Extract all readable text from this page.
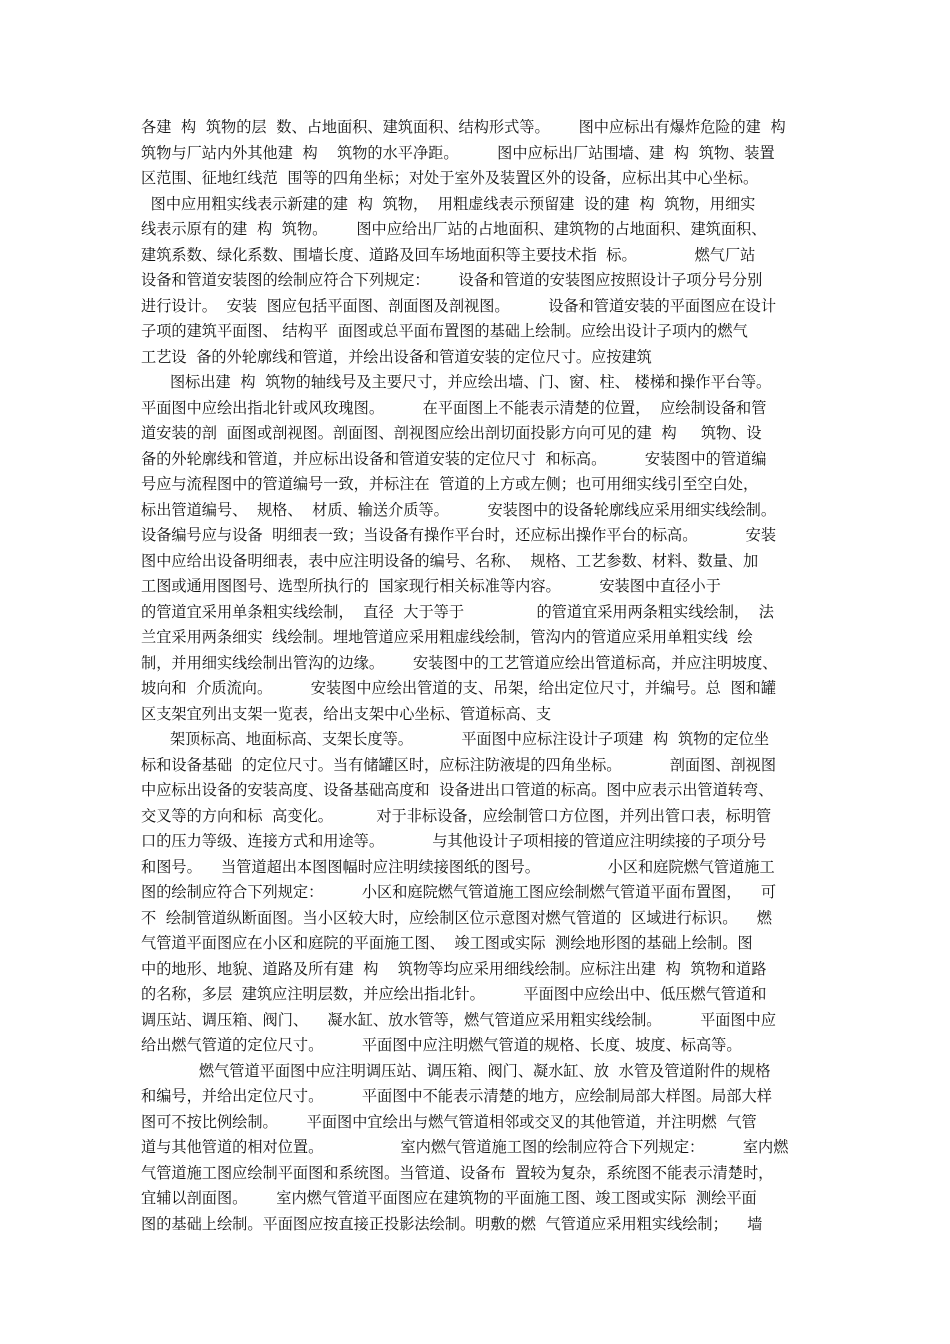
各建  构  筑物的层  数、占地面积、建筑面积、结构形式等。      图中应标出有爆炸危险的建  构
筑物与厂站内外其他建  构    筑物的水平净距。        图中应标出厂站围墙、建  构  筑物、装置
区范围、征地红线范  围等的四角坐标；对处于室外及装置区外的设备，应标出其中心坐标。
图中应用粗实线表示新建的建  构  筑物，  用粗虚线表示预留建  设的建  构  筑物，用细实
线表示原有的建  构  筑物。      图中应给出厂站的占地面积、建筑物的占地面积、建筑面积、
建筑系数、绿化系数、围墙长度、道路及回车场地面积等主要技术指  标。            燃气厂站
设备和管道安装图的绘制应符合下列规定：      设备和管道的安装图应按照设计子项分号分别
进行设计。  安装  图应包括平面图、剖面图及剖视图。        设备和管道安装的平面图应在设计
子项的建筑平面图、 结构平  面图或总平面布置图的基础上绘制。应绘出设计子项内的燃气
工艺设  备的外轮廓线和管道，并绘出设备和管道安装的定位尺寸。应按建筑
图标出建  构  筑物的轴线号及主要尺寸，并应绘出墙、门、窗、柱、 楼梯和操作平台等。
平面图中应绘出指北针或风玫瑰图。        在平面图上不能表示清楚的位置，  应绘制设备和管
道安装的剖  面图或剖视图。剖面图、剖视图应绘出剖切面投影方向可见的建  构     筑物、设
备的外轮廓线和管道，并应标出设备和管道安装的定位尺寸  和标高。        安装图中的管道编
号应与流程图中的管道编号一致，并标注在  管道的上方或左侧；也可用细实线引至空白处，
标出管道编号、  规格、  材质、输送介质等。        安装图中的设备轮廓线应采用细实线绘制。
设备编号应与设备  明细表一致；当设备有操作平台时，还应标出操作平台的标高。          安装
图中应给出设备明细表，表中应注明设备的编号、名称、  规格、工艺参数、材料、数量、加
工图或通用图图号、选型所执行的  国家现行相关标准等内容。        安装图中直径小于
的管道宜采用单条粗实线绘制，  直径  大于等于               的管道宜采用两条粗实线绘制，  法
兰宜采用两条细实  线绘制。埋地管道应采用粗虚线绘制，管沟内的管道应采用单粗实线  绘
制，并用细实线绘制出管沟的边缘。      安装图中的工艺管道应绘出管道标高，并应注明坡度、
坡向和  介质流向。        安装图中应绘出管道的支、吊架，给出定位尺寸，并编号。总  图和罐
区支架宜列出支架一览表，给出支架中心坐标、管道标高、支
架顶标高、地面标高、支架长度等。          平面图中应标注设计子项建  构  筑物的定位坐
标和设备基础  的定位尺寸。当有储罐区时，应标注防液堤的四角坐标。          剖面图、剖视图
中应标出设备的安装高度、设备基础高度和  设备进出口管道的标高。图中应表示出管道转弯、
交叉等的方向和标  高变化。         对于非标设备，应绘制管口方位图，并列出管口表，标明管
口的压力等级、连接方式和用途等。          与其他设计子项相接的管道应注明续接的子项分号
和图号。    当管道超出本图图幅时应注明续接图纸的图号。              小区和庭院燃气管道施工
图的绘制应符合下列规定：        小区和庭院燃气管道施工图应绘制燃气管道平面布置图，    可
不  绘制管道纵断面图。当小区较大时，应绘制区位示意图对燃气管道的  区域进行标识。    燃
气管道平面图应在小区和庭院的平面施工图、  竣工图或实际  测绘地形图的基础上绘制。图
中的地形、地貌、道路及所有建  构    筑物等均应采用细线绘制。应标注出建  构  筑物和道路
的名称，多层  建筑应注明层数，并应绘出指北针。        平面图中应绘出中、低压燃气管道和
调压站、调压箱、阀门、    凝水缸、放水管等，燃气管道应采用粗实线绘制。        平面图中应
给出燃气管道的定位尺寸。        平面图中应注明燃气管道的规格、长度、坡度、标高等。
燃气管道平面图中应注明调压站、调压箱、阀门、凝水缸、放  水管及管道附件的规格
和编号，并给出定位尺寸。        平面图中不能表示清楚的地方，应绘制局部大样图。局部大样
图可不按比例绘制。      平面图中宜绘出与燃气管道相邻或交叉的其他管道，并注明燃  气管
道与其他管道的相对位置。                室内燃气管道施工图的绘制应符合下列规定：        室内燃
气管道施工图应绘制平面图和系统图。当管道、设备布  置较为复杂，系统图不能表示清楚时，
宜辅以剖面图。      室内燃气管道平面图应在建筑物的平面施工图、竣工图或实际  测绘平面
图的基础上绘制。平面图应按直接正投影法绘制。明敷的燃  气管道应采用粗实线绘制；    墙
